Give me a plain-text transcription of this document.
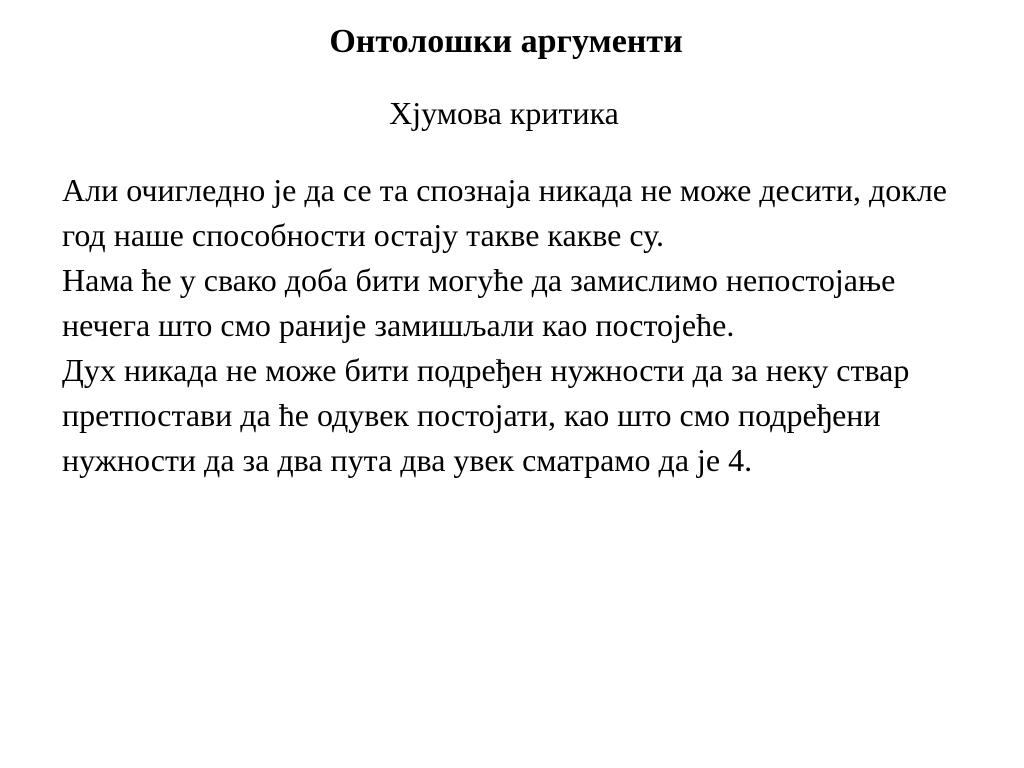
Онтолошки аргументи
Хјумова критика

Али очигледно је да се та спознаја никада не може десити, докле год наше способности остају такве какве су.

Нама ће у свако доба бити могуће да замислимо непостојање нечега што смо раније замишљали као постојеће.

Дух никада не може бити подређен нужности да за неку ствар претпостави да ће одувек постојати, као што смо подређени нужности да за два пута два увек сматрамо да је 4.
